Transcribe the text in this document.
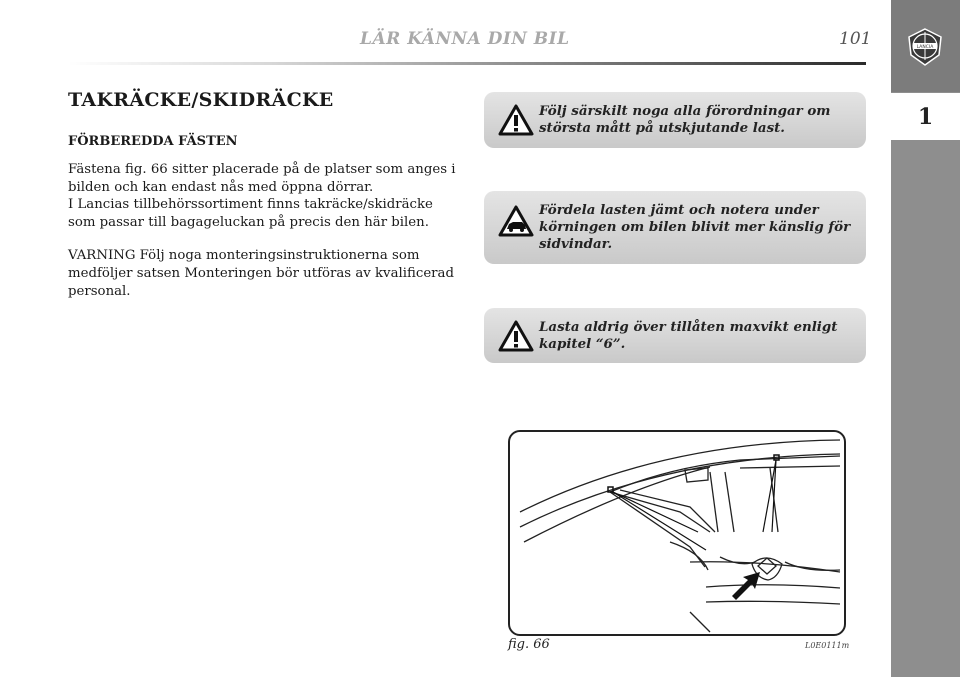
LÄR KÄNNA DIN BIL	101	LANCIA
1
TAKRÄCKE/SKIDRÄCKE
FÖRBEREDDA FÄSTEN

Fästena fig. 66 sitter placerade på de platser som anges i bilden och kan endast nås med öppna dörrar.

I Lancias tillbehörssortiment finns takräcke/skidräcke som passar till bagageluckan på precis den här bilen.

VARNING Följ noga monteringsinstruktionerna som medföljer satsen Monteringen bör utföras av kvalificerad personal.

Följ särskilt noga alla förordningar om största mått på utskjutande last.
Fördela lasten jämt och notera under körningen om bilen blivit mer känslig för sidvindar.
Lasta aldrig över tillåten maxvikt enligt kapitel “6”.
fig. 66	L0E0111m
